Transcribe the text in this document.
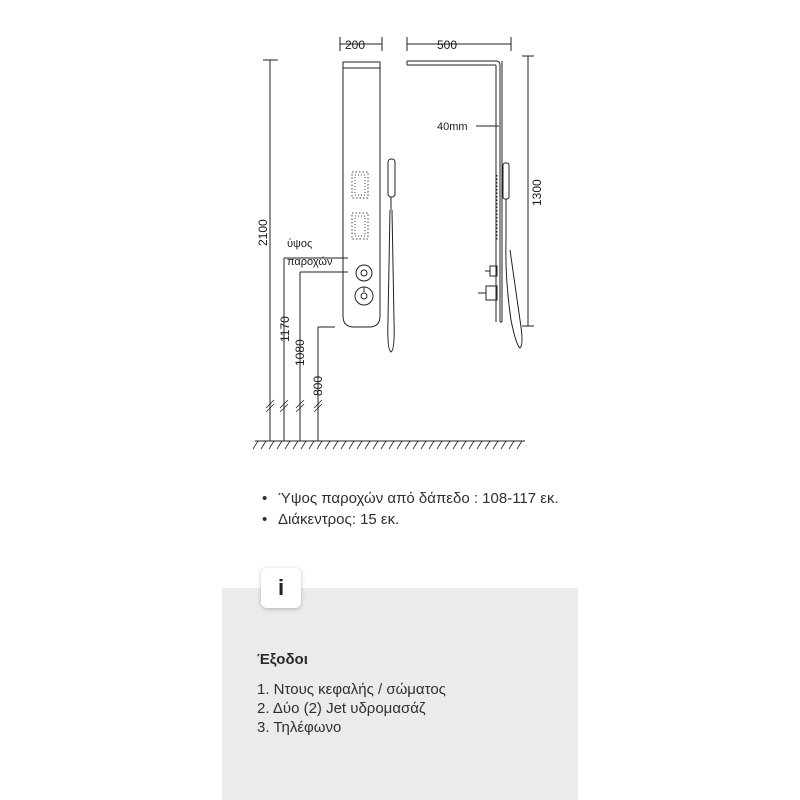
200	500
40mm
2100
1300
1170
1080
800
ύψος
παροχών
• Ύψος παροχών από δάπεδο : 108-117 εκ.
• Διάκεντρος: 15 εκ.
i
Έξοδοι
1. Ντους κεφαλής / σώματος
2. Δύο (2) Jet υδρομασάζ
3. Τηλέφωνο
